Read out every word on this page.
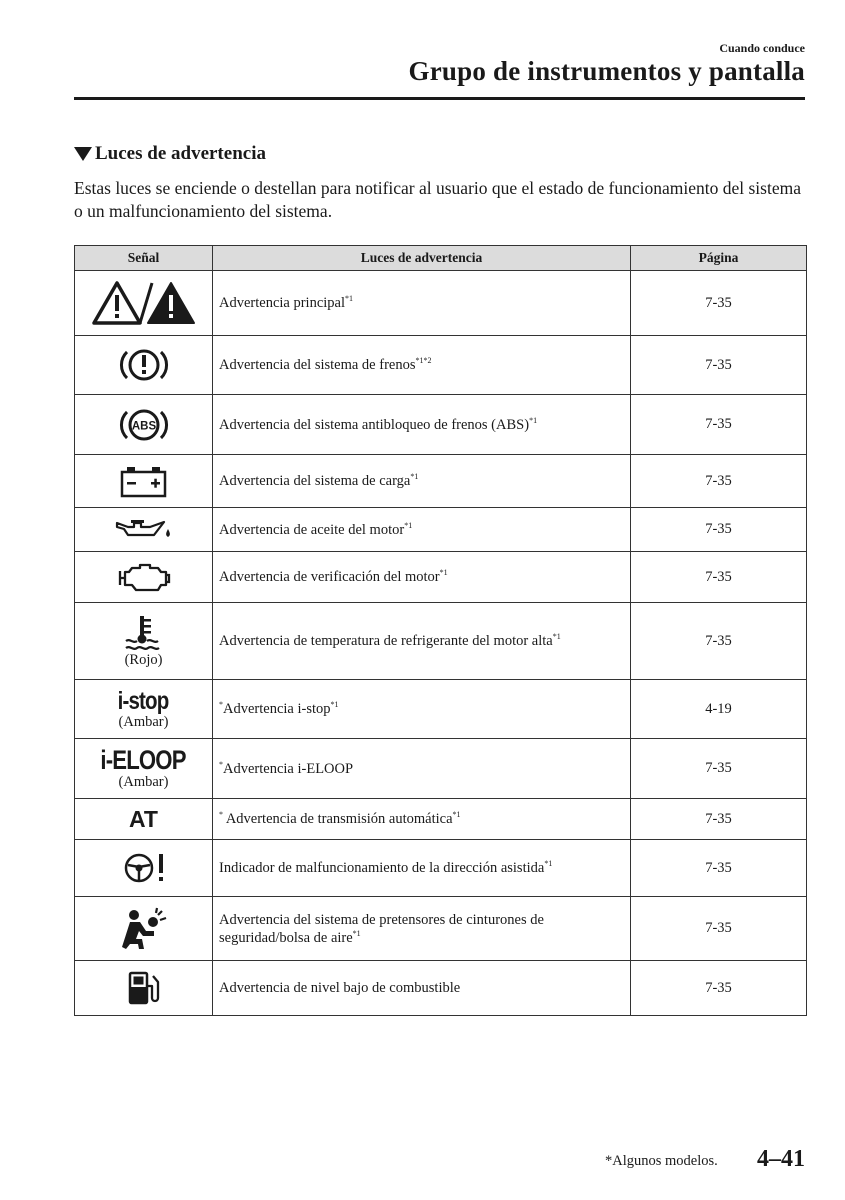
Cuando conduce
Grupo de instrumentos y pantalla
Luces de advertencia
Estas luces se enciende o destellan para notificar al usuario que el estado de funcionamiento del sistema o un malfuncionamiento del sistema.
Señal	Luces de advertencia	Página

	Advertencia principal$^{*1}$	7-35

	Advertencia del sistema de frenos$^{*1*2}$	7-35

ABS	Advertencia del sistema antibloqueo de frenos (ABS)$^{*1}$	7-35

	Advertencia del sistema de carga$^{*1}$	7-35

	Advertencia de aceite del motor$^{*1}$	7-35

	Advertencia de verificación del motor$^{*1}$	7-35

(Rojo)	Advertencia de temperatura de refrigerante del motor alta$^{*1}$	7-35

i-stop
(Ambar)	*Advertencia i-stop$^{*1}$	4-19

i-ELOOP
(Ambar)	*Advertencia i-ELOOP	7-35

AT	* Advertencia de transmisión automática$^{*1}$	7-35

	Indicador de malfuncionamiento de la dirección asistida$^{*1}$	7-35

	Advertencia del sistema de pretensores de cinturones de seguridad/bolsa de aire$^{*1}$	7-35

	Advertencia de nivel bajo de combustible	7-35
*Algunos modelos. 4–41
